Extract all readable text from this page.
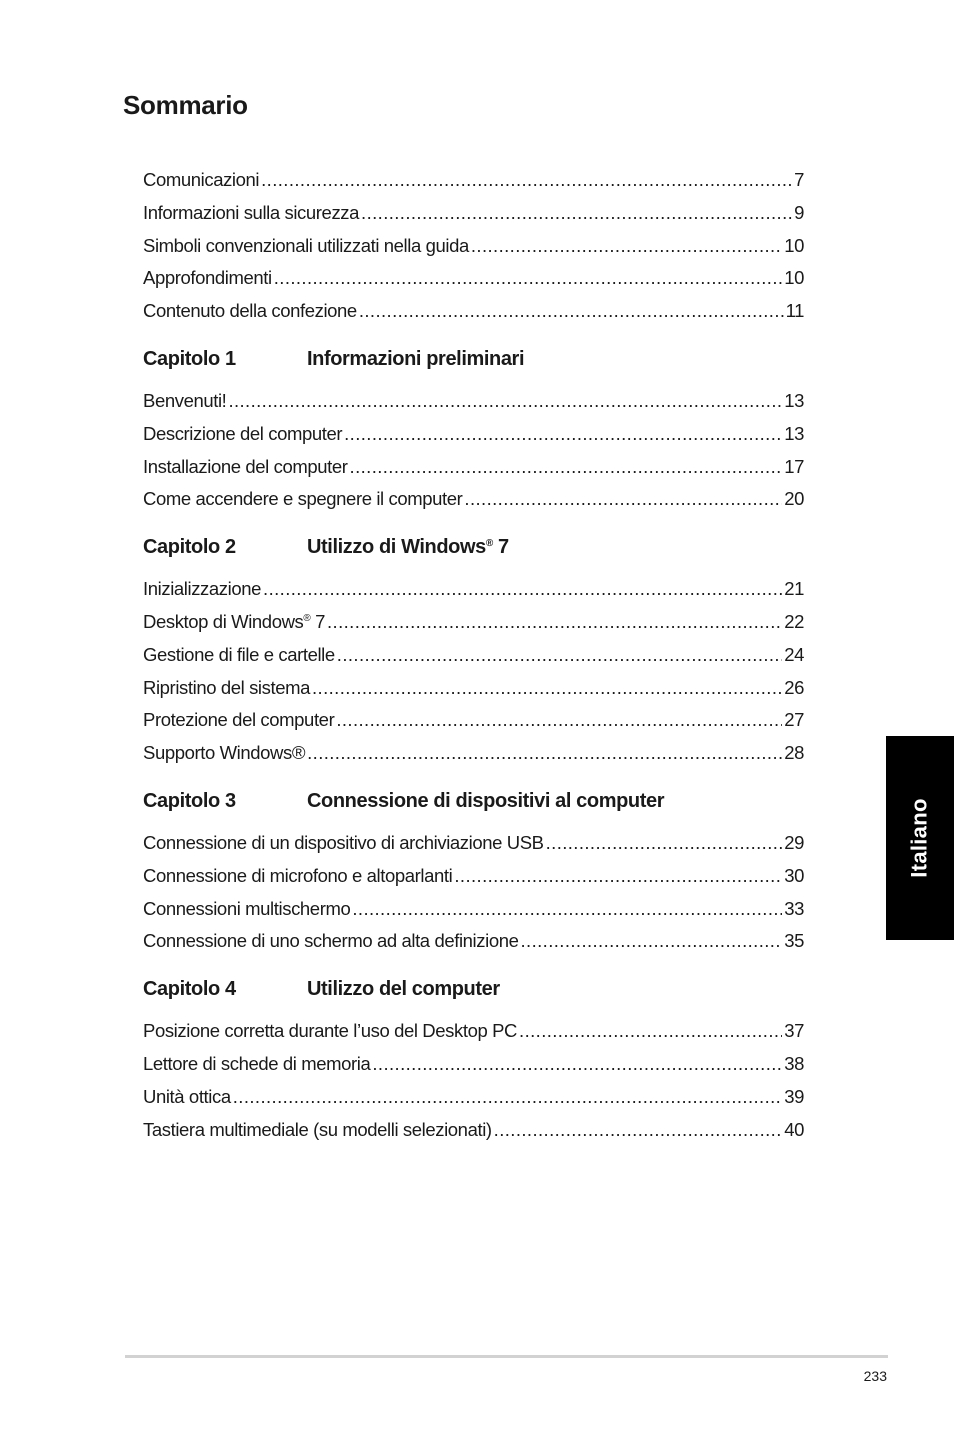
Sommario
Comunicazioni .....	7
Informazioni sulla sicurezza .....	9
Simboli convenzionali utilizzati nella guida .....	10
Approfondimenti .....	10
Contenuto della confezione .....	11
Capitolo 1	Informazioni preliminari
Benvenuti! .....	13
Descrizione del computer .....	13
Installazione del computer .....	17
Come accendere e spegnere il computer .....	20
Capitolo 2	Utilizzo di Windows® 7
Inizializzazione .....	21
Desktop di Windows® 7 .....	22
Gestione di file e cartelle .....	24
Ripristino del sistema .....	26
Protezione del computer .....	27
Supporto Windows® .....	28
Capitolo 3	Connessione di dispositivi al computer
Connessione di un dispositivo di archiviazione USB .....	29
Connessione di microfono e altoparlanti .....	30
Connessioni multischermo .....	33
Connessione di uno schermo ad alta definizione .....	35
Capitolo 4	Utilizzo del computer
Posizione corretta durante l’uso del Desktop PC .....	37
Lettore di schede di memoria .....	38
Unità ottica .....	39
Tastiera multimediale (su modelli selezionati) .....	40
Italiano
233
